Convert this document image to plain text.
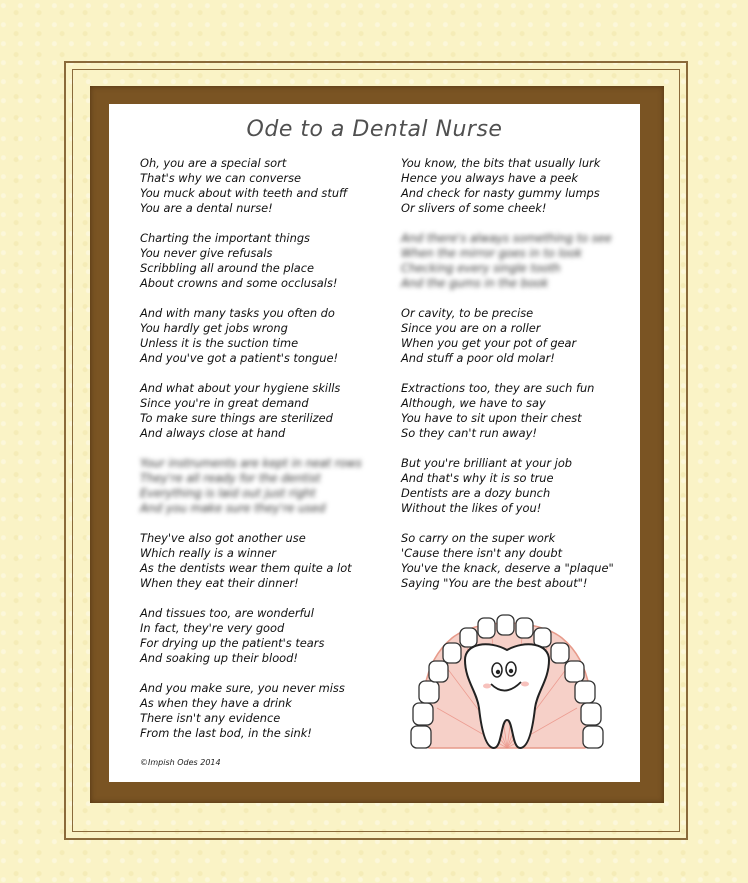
Ode to a Dental Nurse
Oh, you are a special sort
That's why we can converse
You muck about with teeth and stuff
You are a dental nurse!
Charting the important things
You never give refusals
Scribbling all around the place
About crowns and some occlusals!
And with many tasks you often do
You hardly get jobs wrong
Unless it is the suction time
And you've got a patient's tongue!
And what about your hygiene skills
Since you're in great demand
To make sure things are sterilized
And always close at hand
Your instruments are kept in neat rows
They're all ready for the dentist
Everything is laid out just right
And you make sure they're used
They've also got another use
Which really is a winner
As the dentists wear them quite a lot
When they eat their dinner!
And tissues too, are wonderful
In fact, they're very good
For drying up the patient's tears
And soaking up their blood!
And you make sure, you never miss
As when they have a drink
There isn't any evidence
From the last bod, in the sink!
You know, the bits that usually lurk
Hence you always have a peek
And check for nasty gummy lumps
Or slivers of some cheek!
And there's always something to see
When the mirror goes in to look
Checking every single tooth
And the gums in the book
Or cavity, to be precise
Since you are on a roller
When you get your pot of gear
And stuff a poor old molar!
Extractions too, they are such fun
Although, we have to say
You have to sit upon their chest
So they can't run away!
But you're brilliant at your job
And that's why it is so true
Dentists are a dozy bunch
Without the likes of you!
So carry on the super work
'Cause there isn't any doubt
You've the knack, deserve a "plaque"
Saying "You are the best about"!
©Impish Odes 2014
